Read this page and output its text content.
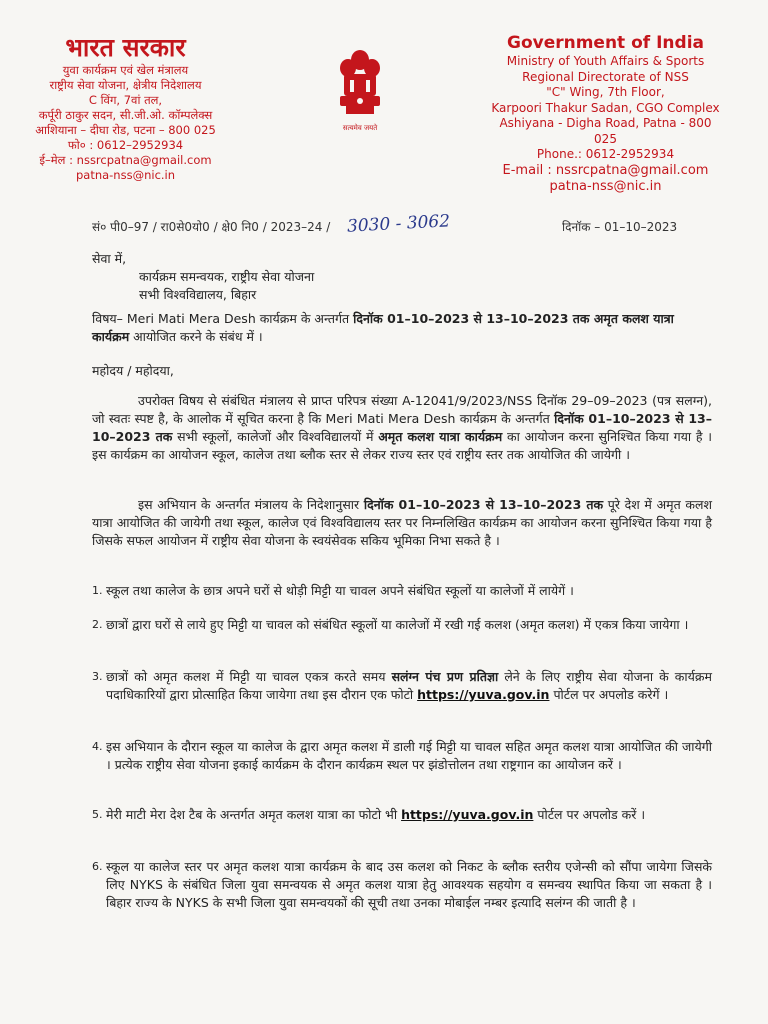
भारत सरकार
युवा कार्यक्रम एवं खेल मंत्रालय
राष्ट्रीय सेवा योजना, क्षेत्रीय निदेशालय
C विंग, 7वां तल,
कर्पूरी ठाकुर सदन, सी.जी.ओ. कॉम्पलेक्स
आशियाना – दीघा रोड, पटना – 800 025
फो० : 0612–2952934
ई–मेल : nssrcpatna@gmail.com
patna-nss@nic.in
सत्यमेव जयते
Government of India
Ministry of Youth Affairs & Sports
Regional Directorate of NSS
"C" Wing, 7th Floor,
Karpoori Thakur Sadan, CGO Complex
Ashiyana - Digha Road, Patna - 800 025
Phone.: 0612-2952934
E-mail : nssrcpatna@gmail.com
patna-nss@nic.in
सं० पी0–97 / रा0से0यो0 / क्षे0 नि0 / 2023–24 / 3030 - 3062	दिनॉक – 01–10–2023
सेवा में,
कार्यक्रम समन्वयक, राष्ट्रीय सेवा योजना
सभी विश्वविद्यालय, बिहार
विषय– Meri Mati Mera Desh कार्यक्रम के अन्तर्गत दिनॉक 01–10–2023 से 13–10–2023 तक अमृत कलश यात्रा कार्यक्रम आयोजित करने के संबंध में ।
महोदय / महोदया,
उपरोक्त विषय से संबंधित मंत्रालय से प्राप्त परिपत्र संख्या A-12041/9/2023/NSS दिनॉक 29–09–2023 (पत्र सलग्न), जो स्वतः स्पष्ट है, के आलोक में सूचित करना है कि Meri Mati Mera Desh कार्यक्रम के अन्तर्गत दिनॉक 01–10–2023 से 13–10–2023 तक सभी स्कूलों, कालेजों और विश्वविद्यालयों में अमृत कलश यात्रा कार्यक्रम का आयोजन करना सुनिश्चित किया गया है । इस कार्यक्रम का आयोजन स्कूल, कालेज तथा ब्लौक स्तर से लेकर राज्य स्तर एवं राष्ट्रीय स्तर तक आयोजित की जायेगी ।
इस अभियान के अन्तर्गत मंत्रालय के निदेशानुसार दिनॉक 01–10–2023 से 13–10–2023 तक पूरे देश में अमृत कलश यात्रा आयोजित की जायेगी तथा स्कूल, कालेज एवं विश्वविद्यालय स्तर पर निम्नलिखित कार्यक्रम का आयोजन करना सुनिश्चित किया गया है जिसके सफल आयोजन में राष्ट्रीय सेवा योजना के स्वयंसेवक सकिय भूमिका निभा सकते है ।
1. स्कूल तथा कालेज के छात्र अपने घरों से थोड़ी मिट्टी या चावल अपने संबंधित स्कूलों या कालेजों में लायेगें ।
2. छात्रों द्वारा घरों से लाये हुए मिट्टी या चावल को संबंधित स्कूलों या कालेजों में रखी गई कलश (अमृत कलश) में एकत्र किया जायेगा ।
3. छात्रों को अमृत कलश में मिट्टी या चावल एकत्र करते समय सलंग्न पंच प्रण प्रतिज्ञा लेने के लिए राष्ट्रीय सेवा योजना के कार्यक्रम पदाधिकारियों द्वारा प्रोत्साहित किया जायेगा तथा इस दौरान एक फोटो https://yuva.gov.in पोर्टल पर अपलोड करेगें ।
4. इस अभियान के दौरान स्कूल या कालेज के द्वारा अमृत कलश में डाली गई मिट्टी या चावल सहित अमृत कलश यात्रा आयोजित की जायेगी । प्रत्येक राष्ट्रीय सेवा योजना इकाई कार्यक्रम के दौरान कार्यक्रम स्थल पर झंडोत्तोलन तथा राष्ट्रगान का आयोजन करें ।
5. मेरी माटी मेरा देश टैब के अन्तर्गत अमृत कलश यात्रा का फोटो भी https://yuva.gov.in पोर्टल पर अपलोड करें ।
6. स्कूल या कालेज स्तर पर अमृत कलश यात्रा कार्यक्रम के बाद उस कलश को निकट के ब्लौक स्तरीय एजेन्सी को सौंपा जायेगा जिसके लिए NYKS के संबंधित जिला युवा समन्वयक से अमृत कलश यात्रा हेतु आवश्यक सहयोग व समन्वय स्थापित किया जा सकता है । बिहार राज्य के NYKS के सभी जिला युवा समन्वयकों की सूची तथा उनका मोबाईल नम्बर इत्यादि सलंग्न की जाती है ।
